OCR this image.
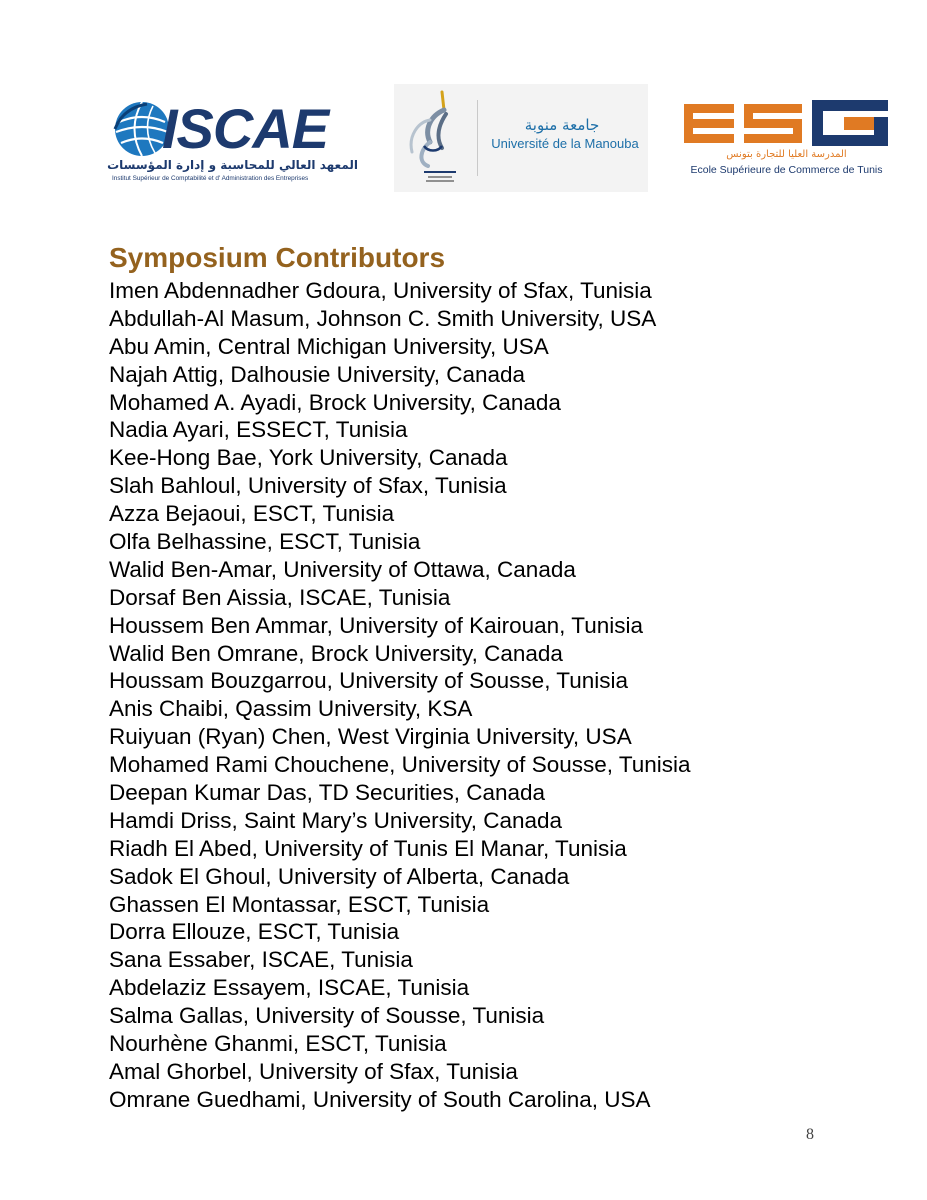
ISCAE
المعهد العالي للمحاسبة و إدارة المؤسسات
Institut Supérieur de Comptabilité et d' Administration des Entreprises
جامعة منوبة
Université de la Manouba
المدرسة العليا للتجارة بتونس
Ecole Supérieure de Commerce de Tunis
Symposium Contributors
Imen Abdennadher Gdoura, University of Sfax, Tunisia
Abdullah-Al Masum, Johnson C. Smith University, USA
Abu Amin, Central Michigan University, USA
Najah Attig, Dalhousie University, Canada
Mohamed A. Ayadi, Brock University, Canada
Nadia Ayari, ESSECT, Tunisia
Kee-Hong Bae, York University, Canada
Slah Bahloul, University of Sfax, Tunisia
Azza Bejaoui, ESCT, Tunisia
Olfa Belhassine, ESCT, Tunisia
Walid Ben-Amar, University of Ottawa, Canada
Dorsaf Ben Aissia, ISCAE, Tunisia
Houssem Ben Ammar, University of Kairouan, Tunisia
Walid Ben Omrane, Brock University, Canada
Houssam Bouzgarrou, University of Sousse, Tunisia
Anis Chaibi, Qassim University, KSA
Ruiyuan (Ryan) Chen, West Virginia University, USA
Mohamed Rami Chouchene, University of Sousse, Tunisia
Deepan Kumar Das, TD Securities, Canada
Hamdi Driss, Saint Mary’s University, Canada
Riadh El Abed, University of Tunis El Manar, Tunisia
Sadok El Ghoul, University of Alberta, Canada
Ghassen El Montassar, ESCT, Tunisia
Dorra Ellouze, ESCT, Tunisia
Sana Essaber, ISCAE, Tunisia
Abdelaziz Essayem, ISCAE, Tunisia
Salma Gallas, University of Sousse, Tunisia
Nourhène Ghanmi, ESCT, Tunisia
Amal Ghorbel, University of Sfax, Tunisia
Omrane Guedhami, University of South Carolina, USA
8
